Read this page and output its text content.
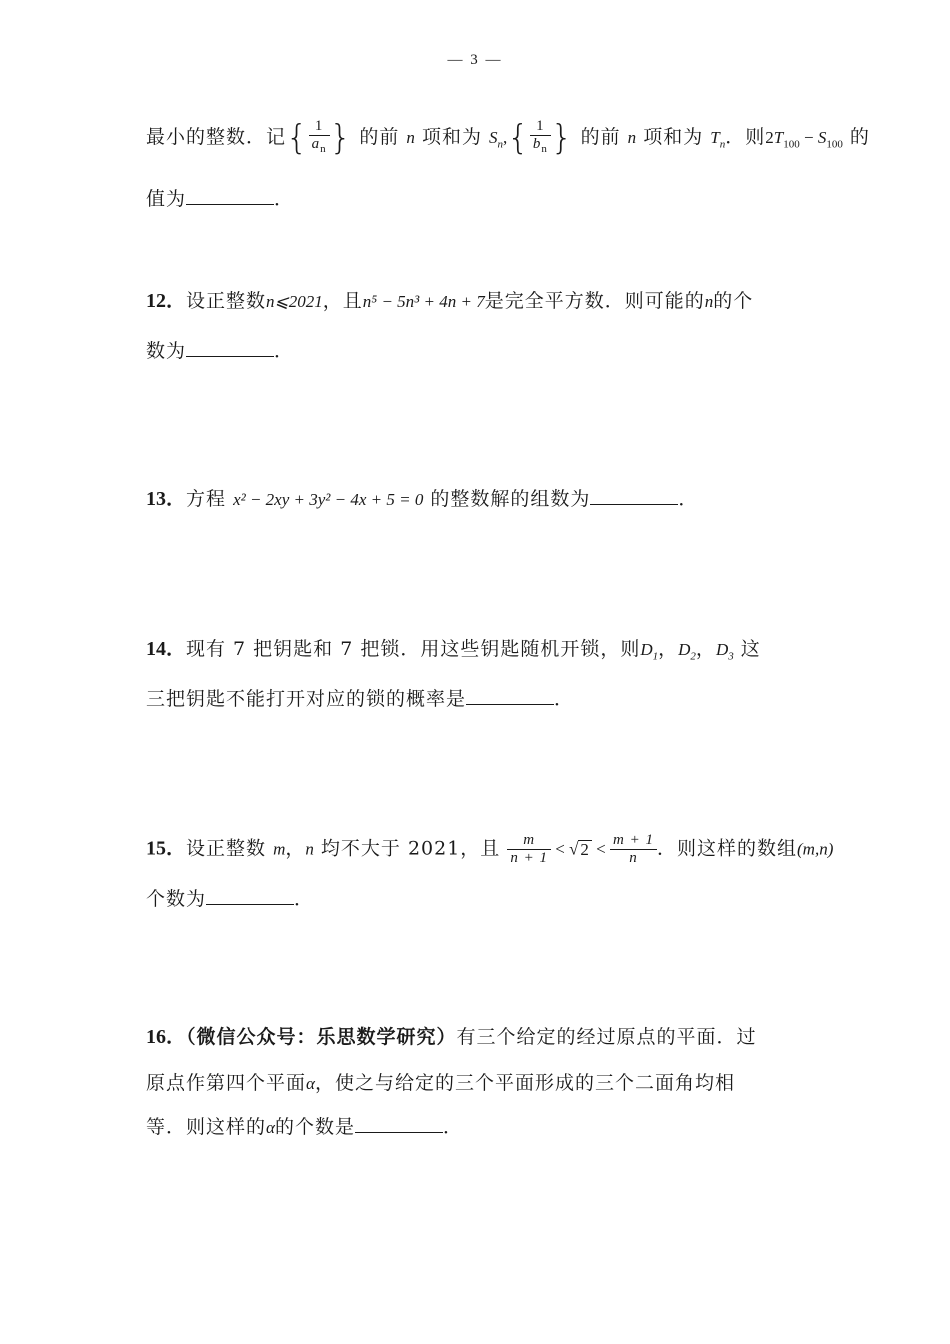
— 3 —
最小的整数．记{ $\frac{1}{a_n}$ } 的前 n 项和为 $S_n,\{ \frac{1}{b_n}$ } 的前 n 项和为 $T_n$．则$2T_{100} - S_{100}$ 的
值为	．
12．设正整数n⩽2021，且n⁵ − 5n³ + 4n + 7是完全平方数．则可能的n的个
数为	．
13．方程 x² − 2xy + 3y² − 4x + 5 = 0 的整数解的组数为	．
14．现有 7 把钥匙和 7 把锁．用这些钥匙随机开锁，则$D_1$，$D_2$，$D_3$ 这
三把钥匙不能打开对应的锁的概率是	．
15．设正整数 m，n 均不大于 2021，且 $\frac{m}{n + 1}$ < √ $2 < \frac{m + 1}{n}$ ．则这样的数组(m,n)
个数为	．
16．（微信公众号：乐思数学研究）有三个给定的经过原点的平面．过
原点作第四个平面α，使之与给定的三个平面形成的三个二面角均相
等．则这样的α的个数是	．
